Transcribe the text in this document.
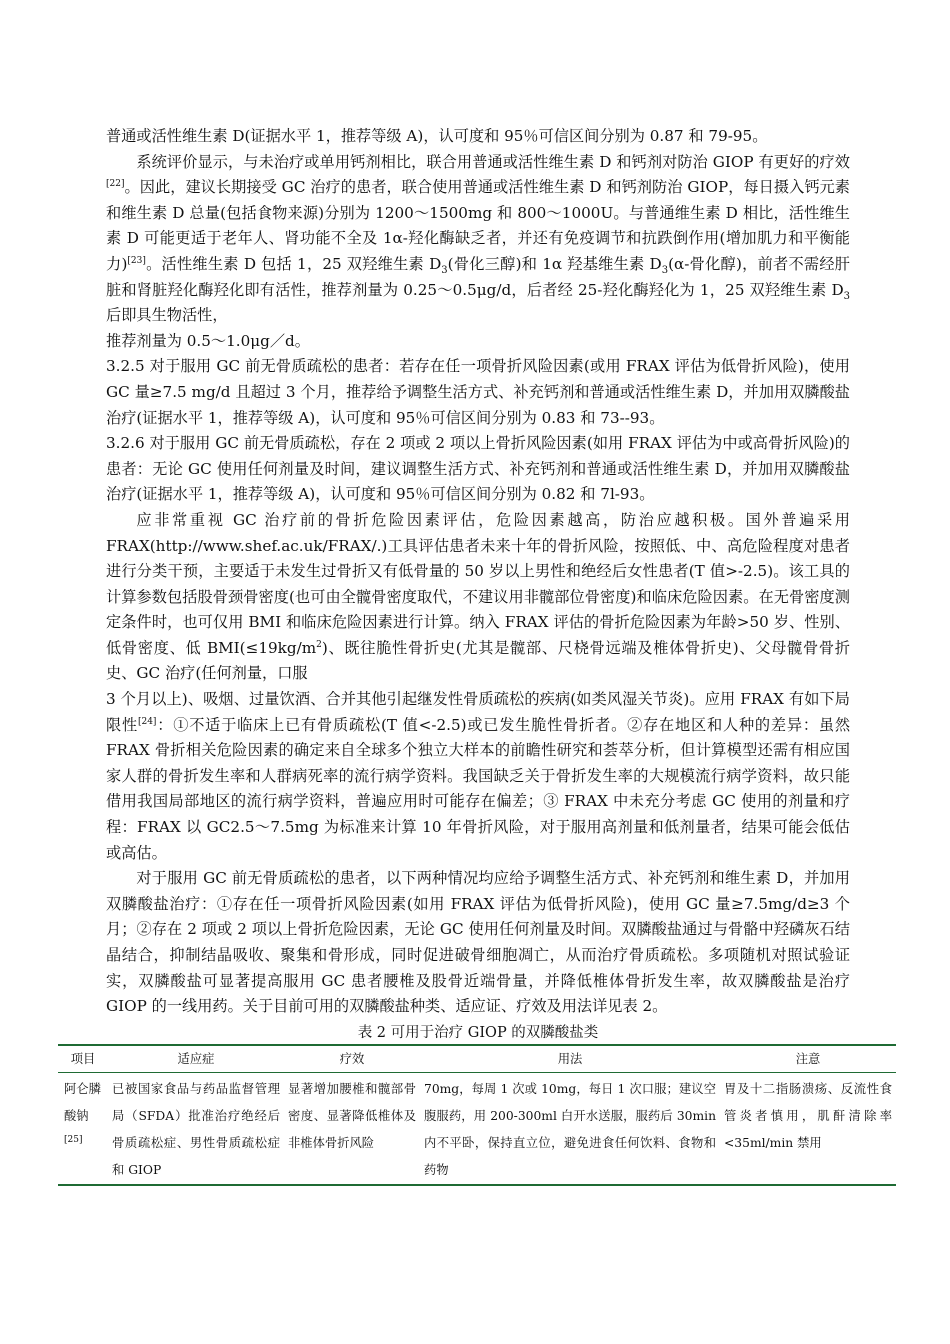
普通或活性维生素 D(证据水平 1，推荐等级 A)，认可度和 95％可信区间分别为 0.87 和 79-95。

系统评价显示，与未治疗或单用钙剂相比，联合用普通或活性维生素 D 和钙剂对防治 GIOP 有更好的疗效[22]。因此，建议长期接受 GC 治疗的患者，联合使用普通或活性维生素 D 和钙剂防治 GIOP，每日摄入钙元素和维生素 D 总量(包括食物来源)分别为 1200～1500mg 和 800～1000U。与普通维生素 D 相比，活性维生素 D 可能更适于老年人、肾功能不全及 1α-羟化酶缺乏者，并还有免疫调节和抗跌倒作用(增加肌力和平衡能力)[23]。活性维生素 D 包括 1，25 双羟维生素 $D_3$(骨化三醇)和 1α 羟基维生素 $D_3(\alpha-$骨化醇)，前者不需经肝脏和肾脏羟化酶羟化即有活性，推荐剂量为 0.25～0.5μg/d，后者经 25-羟化酶羟化为 1，25 双羟维生素 $D_3$后即具生物活性，
推荐剂量为 0.5～1.0μg／d。

3.2.5 对于服用 GC 前无骨质疏松的患者：若存在任一项骨折风险因素(或用 FRAX 评估为低骨折风险)，使用 GC 量≥7.5 mg/d 且超过 3 个月，推荐给予调整生活方式、补充钙剂和普通或活性维生素 D，并加用双膦酸盐治疗(证据水平 1，推荐等级 A)，认可度和 95％可信区间分别为 0.83 和 73--93。

3.2.6 对于服用 GC 前无骨质疏松，存在 2 项或 2 项以上骨折风险因素(如用 FRAX 评估为中或高骨折风险)的患者：无论 GC 使用任何剂量及时间，建议调整生活方式、补充钙剂和普通或活性维生素 D，并加用双膦酸盐治疗(证据水平 1，推荐等级 A)，认可度和 95％可信区间分别为 0.82 和 7l-93。

应非常重视 GC 治疗前的骨折危险因素评估，危险因素越高，防治应越积极。国外普遍采用 FRAX(http://www.shef.ac.uk/FRAX/.)工具评估患者未来十年的骨折风险，按照低、中、高危险程度对患者进行分类干预，主要适于未发生过骨折又有低骨量的 50 岁以上男性和绝经后女性患者(T 值>-2.5)。该工具的计算参数包括股骨颈骨密度(也可由全髋骨密度取代，不建议用非髋部位骨密度)和临床危险因素。在无骨密度测定条件时，也可仅用 BMI 和临床危险因素进行计算。纳入 FRAX 评估的骨折危险因素为年龄>50 岁、性别、低骨密度、低 $BMI(\le 19kg/m^2)$、既往脆性骨折史(尤其是髋部、尺桡骨远端及椎体骨折史)、父母髋骨骨折史、GC 治疗(任何剂量，口服
3 个月以上)、吸烟、过量饮酒、合并其他引起继发性骨质疏松的疾病(如类风湿关节炎)。应用 FRAX 有如下局限性[24]：①不适于临床上已有骨质疏松(T 值<-2.5)或已发生脆性骨折者。②存在地区和人种的差异：虽然 FRAX 骨折相关危险因素的确定来自全球多个独立大样本的前瞻性研究和荟萃分析，但计算模型还需有相应国家人群的骨折发生率和人群病死率的流行病学资料。我国缺乏关于骨折发生率的大规模流行病学资料，故只能借用我国局部地区的流行病学资料，普遍应用时可能存在偏差；③ FRAX 中未充分考虑 GC 使用的剂量和疗程：FRAX 以 GC2.5～7.5mg 为标准来计算 10 年骨折风险，对于服用高剂量和低剂量者，结果可能会低估或高估。

对于服用 GC 前无骨质疏松的患者，以下两种情况均应给予调整生活方式、补充钙剂和维生素 D，并加用双膦酸盐治疗：①存在任一项骨折风险因素(如用 FRAX 评估为低骨折风险)，使用 GC 量≥7.5mg/d≥3 个月；②存在 2 项或 2 项以上骨折危险因素，无论 GC 使用任何剂量及时间。双膦酸盐通过与骨骼中羟磷灰石结晶结合，抑制结晶吸收、聚集和骨形成，同时促进破骨细胞凋亡，从而治疗骨质疏松。多项随机对照试验证实，双膦酸盐可显著提高服用 GC 患者腰椎及股骨近端骨量，并降低椎体骨折发生率，故双膦酸盐是治疗 GIOP 的一线用药。关于目前可用的双膦酸盐种类、适应证、疗效及用法详见表 2。

表 2 可用于治疗 GIOP 的双膦酸盐类
项目	适应症	疗效	用法	注意
阿仑膦酸钠[25]	已被国家食品与药品监督管理局（SFDA）批准治疗绝经后骨质疏松症、男性骨质疏松症和 GIOP	显著增加腰椎和髋部骨密度、显著降低椎体及非椎体骨折风险	70mg，每周 1 次或 10mg，每日 1 次口服；建议空腹服药，用 200-300ml 白开水送服，服药后 30min 内不平卧，保持直立位，避免进食任何饮料、食物和药物	胃及十二指肠溃疡、反流性食管炎者慎用，肌酐清除率<35ml/min 禁用
